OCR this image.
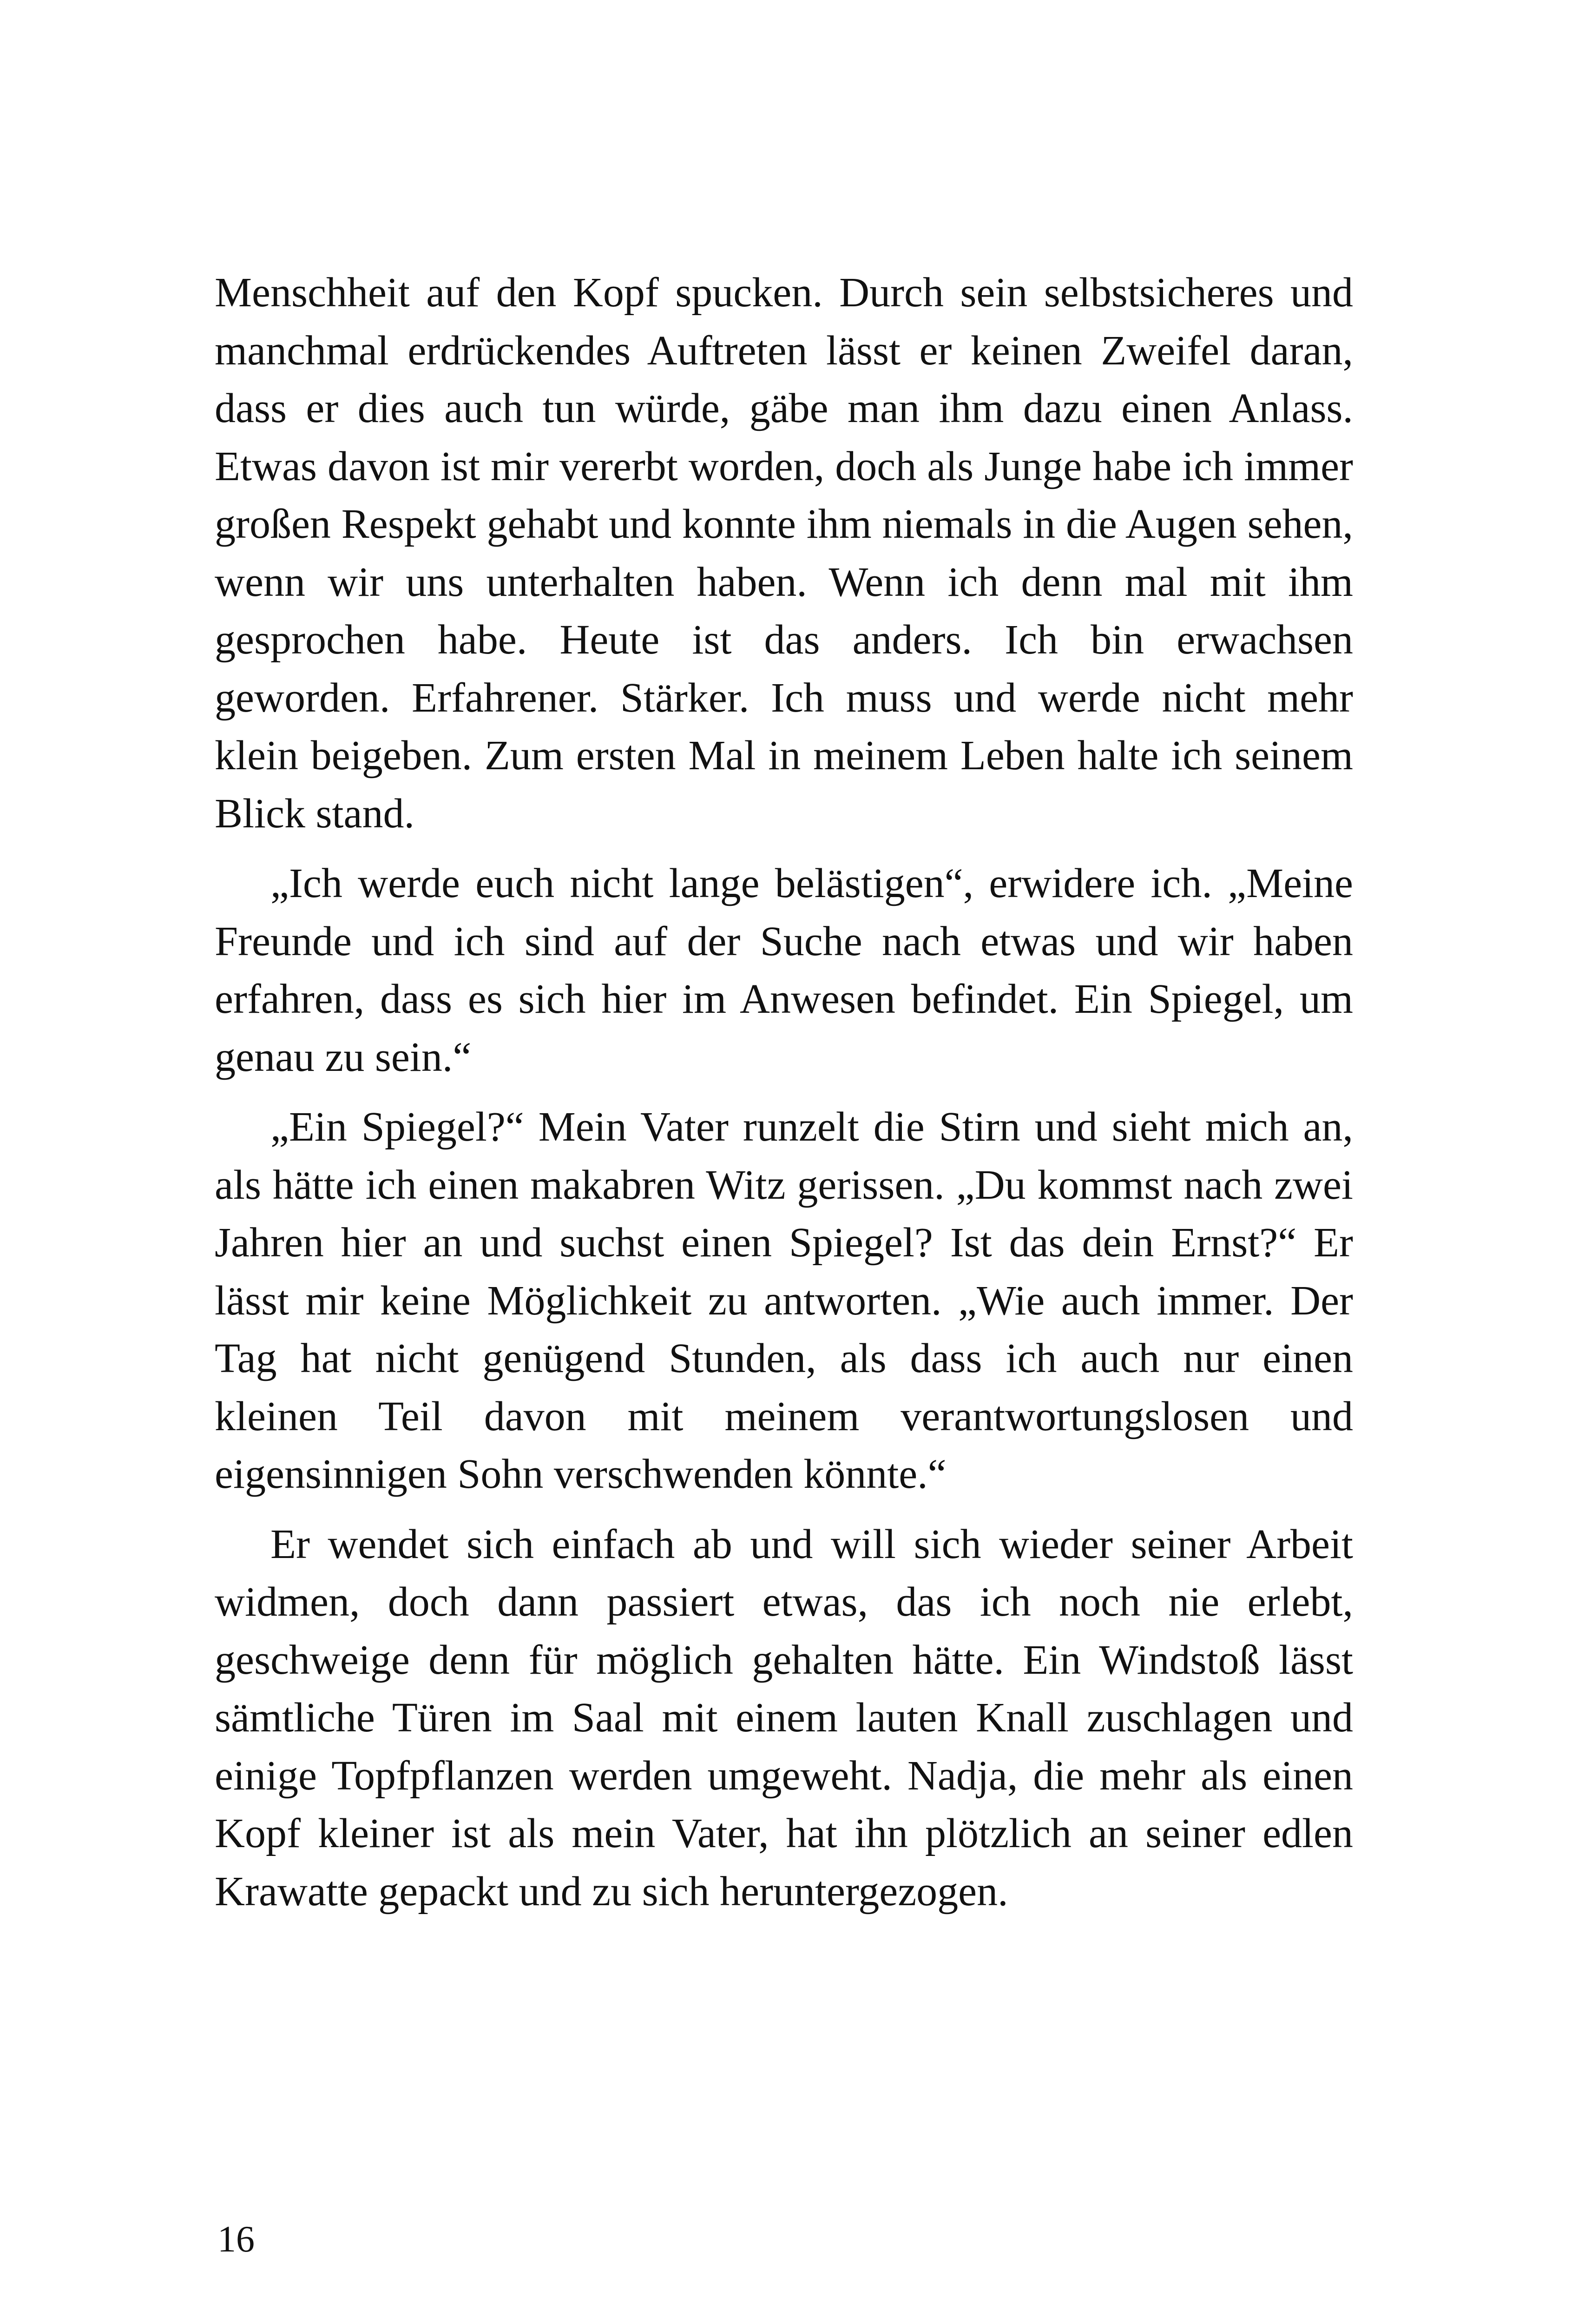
Menschheit auf den Kopf spucken. Durch sein selbstsicheres und manchmal erdrückendes Auftreten lässt er keinen Zweifel daran, dass er dies auch tun würde, gäbe man ihm dazu einen Anlass. Etwas davon ist mir vererbt worden, doch als Junge habe ich immer großen Respekt gehabt und konnte ihm niemals in die Augen sehen, wenn wir uns unterhalten haben. Wenn ich denn mal mit ihm gesprochen habe. Heute ist das anders. Ich bin erwachsen geworden. Erfahrener. Stärker. Ich muss und werde nicht mehr klein beigeben. Zum ersten Mal in meinem Leben halte ich seinem Blick stand.

„Ich werde euch nicht lange belästigen“, erwidere ich. „Meine Freunde und ich sind auf der Suche nach etwas und wir haben erfahren, dass es sich hier im Anwesen befindet. Ein Spiegel, um genau zu sein.“

„Ein Spiegel?“ Mein Vater runzelt die Stirn und sieht mich an, als hätte ich einen makabren Witz gerissen. „Du kommst nach zwei Jahren hier an und suchst einen Spiegel? Ist das dein Ernst?“ Er lässt mir keine Möglichkeit zu antworten. „Wie auch immer. Der Tag hat nicht genügend Stunden, als dass ich auch nur einen kleinen Teil davon mit meinem verantwortungslosen und eigensinnigen Sohn verschwenden könnte.“

Er wendet sich einfach ab und will sich wieder seiner Arbeit widmen, doch dann passiert etwas, das ich noch nie erlebt, geschweige denn für möglich gehalten hätte. Ein Windstoß lässt sämtliche Türen im Saal mit einem lauten Knall zuschlagen und einige Topfpflanzen werden umgeweht. Nadja, die mehr als einen Kopf kleiner ist als mein Vater, hat ihn plötzlich an seiner edlen Krawatte gepackt und zu sich heruntergezogen.

16
